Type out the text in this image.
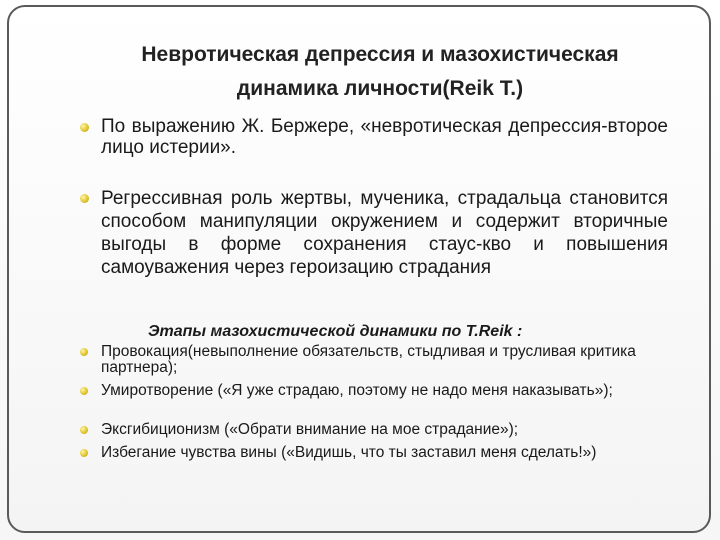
Невротическая депрессия и мазохистическая
динамика личности(Reik T.)
По выражению Ж. Бержере, «невротическая депрессия-второе лицо истерии».
Регрессивная роль жертвы, мученика, страдальца становится способом манипуляции окружением и содержит вторичные выгоды в форме сохранения стаус-кво и повышения самоуважения через героизацию страдания
Этапы мазохистической динамики по T.Reik :
Провокация(невыполнение обязательств, стыдливая и трусливая критика партнера);
Умиротворение («Я уже страдаю, поэтому не надо меня наказывать»);
Эксгибиционизм («Обрати внимание на мое страдание»);
Избегание чувства вины («Видишь, что ты заставил меня сделать!»)
